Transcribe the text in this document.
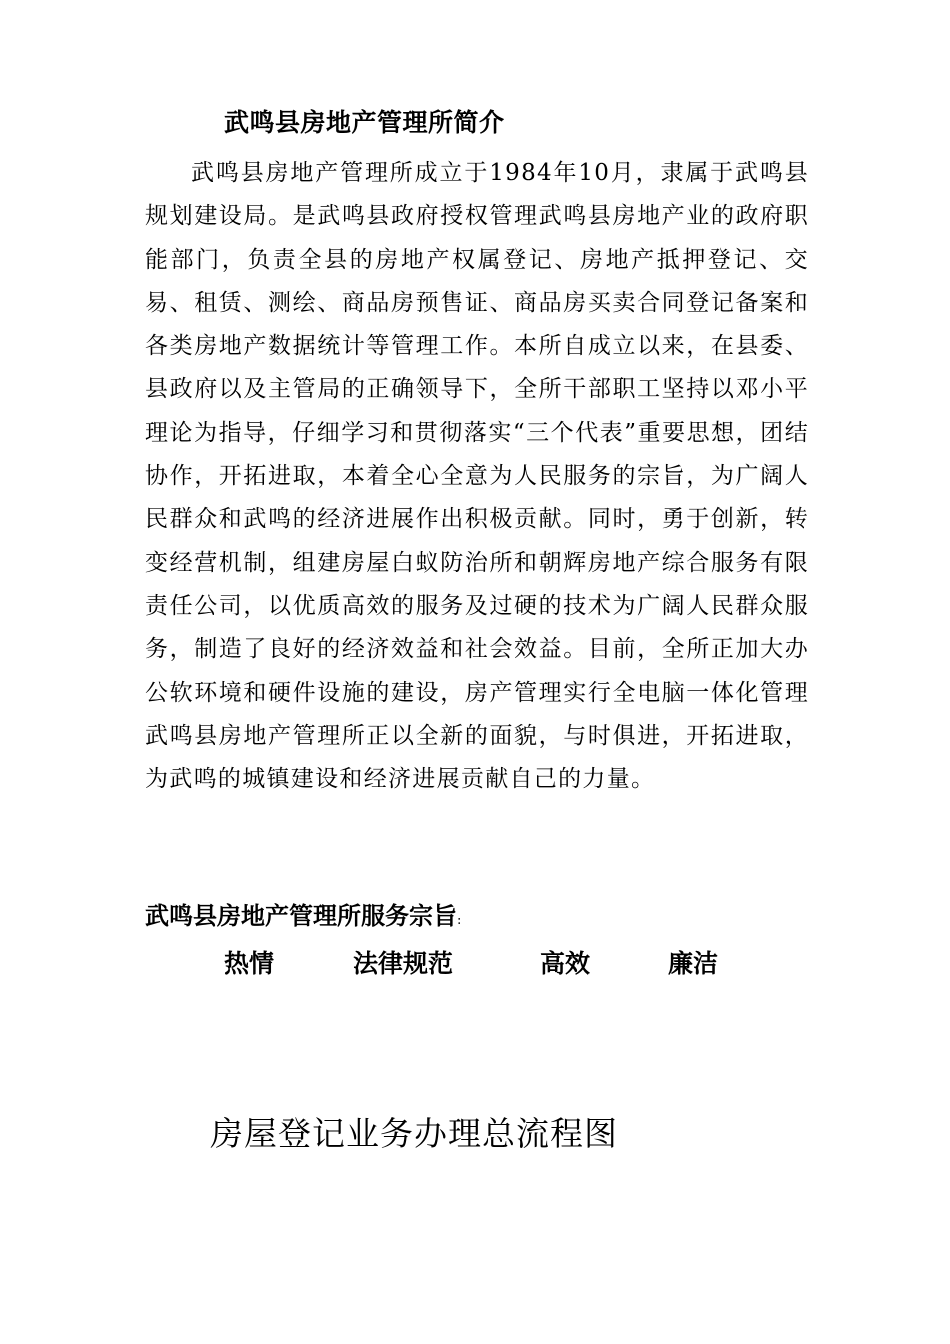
武鸣县房地产管理所简介

武鸣县房地产管理所成立于1984年10月，隶属于武鸣县规划建设局。是武鸣县政府授权管理武鸣县房地产业的政府职能部门，负责全县的房地产权属登记、房地产抵押登记、交易、租赁、测绘、商品房预售证、商品房买卖合同登记备案和各类房地产数据统计等管理工作。本所自成立以来，在县委、县政府以及主管局的正确领导下，全所干部职工坚持以邓小平理论为指导，仔细学习和贯彻落实“三个代表”重要思想，团结协作，开拓进取，本着全心全意为人民服务的宗旨，为广阔人民群众和武鸣的经济进展作出积极贡献。同时，勇于创新，转变经营机制，组建房屋白蚁防治所和朝辉房地产综合服务有限责任公司，以优质高效的服务及过硬的技术为广阔人民群众服务，制造了良好的经济效益和社会效益。目前，全所正加大办公软环境和硬件设施的建设，房产管理实行全电脑一体化管理武鸣县房地产管理所正以全新的面貌，与时俱进，开拓进取，为武鸣的城镇建设和经济进展贡献自己的力量。

武鸣县房地产管理所服务宗旨:
热情	法律规范	高效	廉洁
房屋登记业务办理总流程图
